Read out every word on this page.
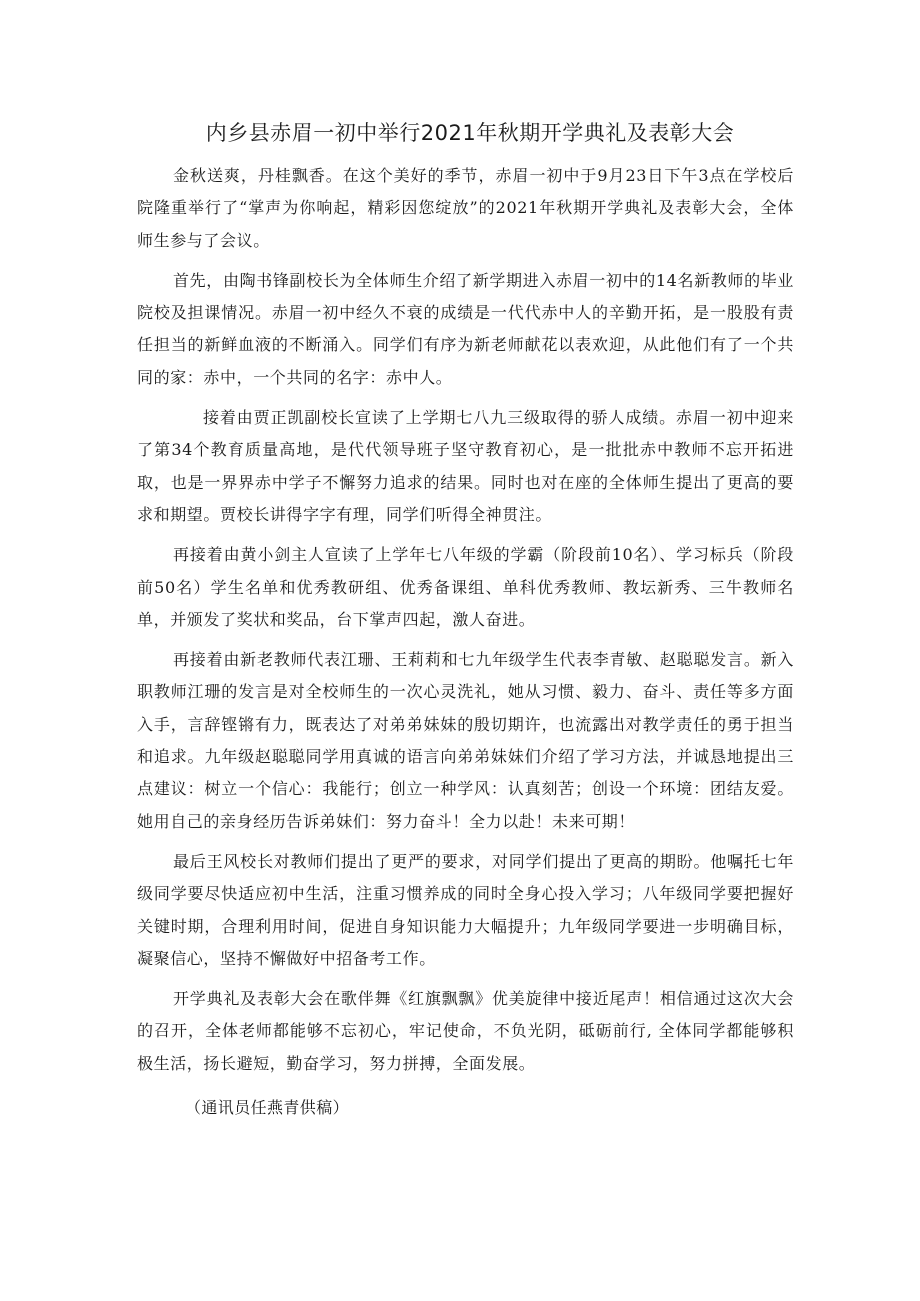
内乡县赤眉一初中举行2021年秋期开学典礼及表彰大会

金秋送爽，丹桂飘香。在这个美好的季节，赤眉一初中于9月23日下午3点在学校后院隆重举行了“掌声为你响起，精彩因您绽放”的2021年秋期开学典礼及表彰大会，全体师生参与了会议。

首先，由陶书锋副校长为全体师生介绍了新学期进入赤眉一初中的14名新教师的毕业院校及担课情况。赤眉一初中经久不衰的成绩是一代代赤中人的辛勤开拓，是一股股有责任担当的新鲜血液的不断涌入。同学们有序为新老师献花以表欢迎，从此他们有了一个共同的家：赤中，一个共同的名字：赤中人。

接着由贾正凯副校长宣读了上学期七八九三级取得的骄人成绩。赤眉一初中迎来了第34个教育质量高地，是代代领导班子坚守教育初心，是一批批赤中教师不忘开拓进取，也是一界界赤中学子不懈努力追求的结果。同时也对在座的全体师生提出了更高的要求和期望。贾校长讲得字字有理，同学们听得全神贯注。

再接着由黄小剑主人宣读了上学年七八年级的学霸（阶段前10名）、学习标兵（阶段前50名）学生名单和优秀教研组、优秀备课组、单科优秀教师、教坛新秀、三牛教师名单，并颁发了奖状和奖品，台下掌声四起，激人奋进。

再接着由新老教师代表江珊、王莉莉和七九年级学生代表李青敏、赵聪聪发言。新入职教师江珊的发言是对全校师生的一次心灵洗礼，她从习惯、毅力、奋斗、责任等多方面入手，言辞铿锵有力，既表达了对弟弟妹妹的殷切期许，也流露出对教学责任的勇于担当和追求。九年级赵聪聪同学用真诚的语言向弟弟妹妹们介绍了学习方法，并诚恳地提出三点建议：树立一个信心：我能行；创立一种学风：认真刻苦；创设一个环境：团结友爱。她用自己的亲身经历告诉弟妹们：努力奋斗！全力以赴！未来可期！

最后王风校长对教师们提出了更严的要求，对同学们提出了更高的期盼。他嘱托七年级同学要尽快适应初中生活，注重习惯养成的同时全身心投入学习；八年级同学要把握好关键时期，合理利用时间，促进自身知识能力大幅提升；九年级同学要进一步明确目标，凝聚信心，坚持不懈做好中招备考工作。

开学典礼及表彰大会在歌伴舞《红旗飘飘》优美旋律中接近尾声！相信通过这次大会的召开，全体老师都能够不忘初心，牢记使命，不负光阴，砥砺前行, 全体同学都能够积极生活，扬长避短，勤奋学习，努力拼搏，全面发展。

（通讯员任燕青供稿）
